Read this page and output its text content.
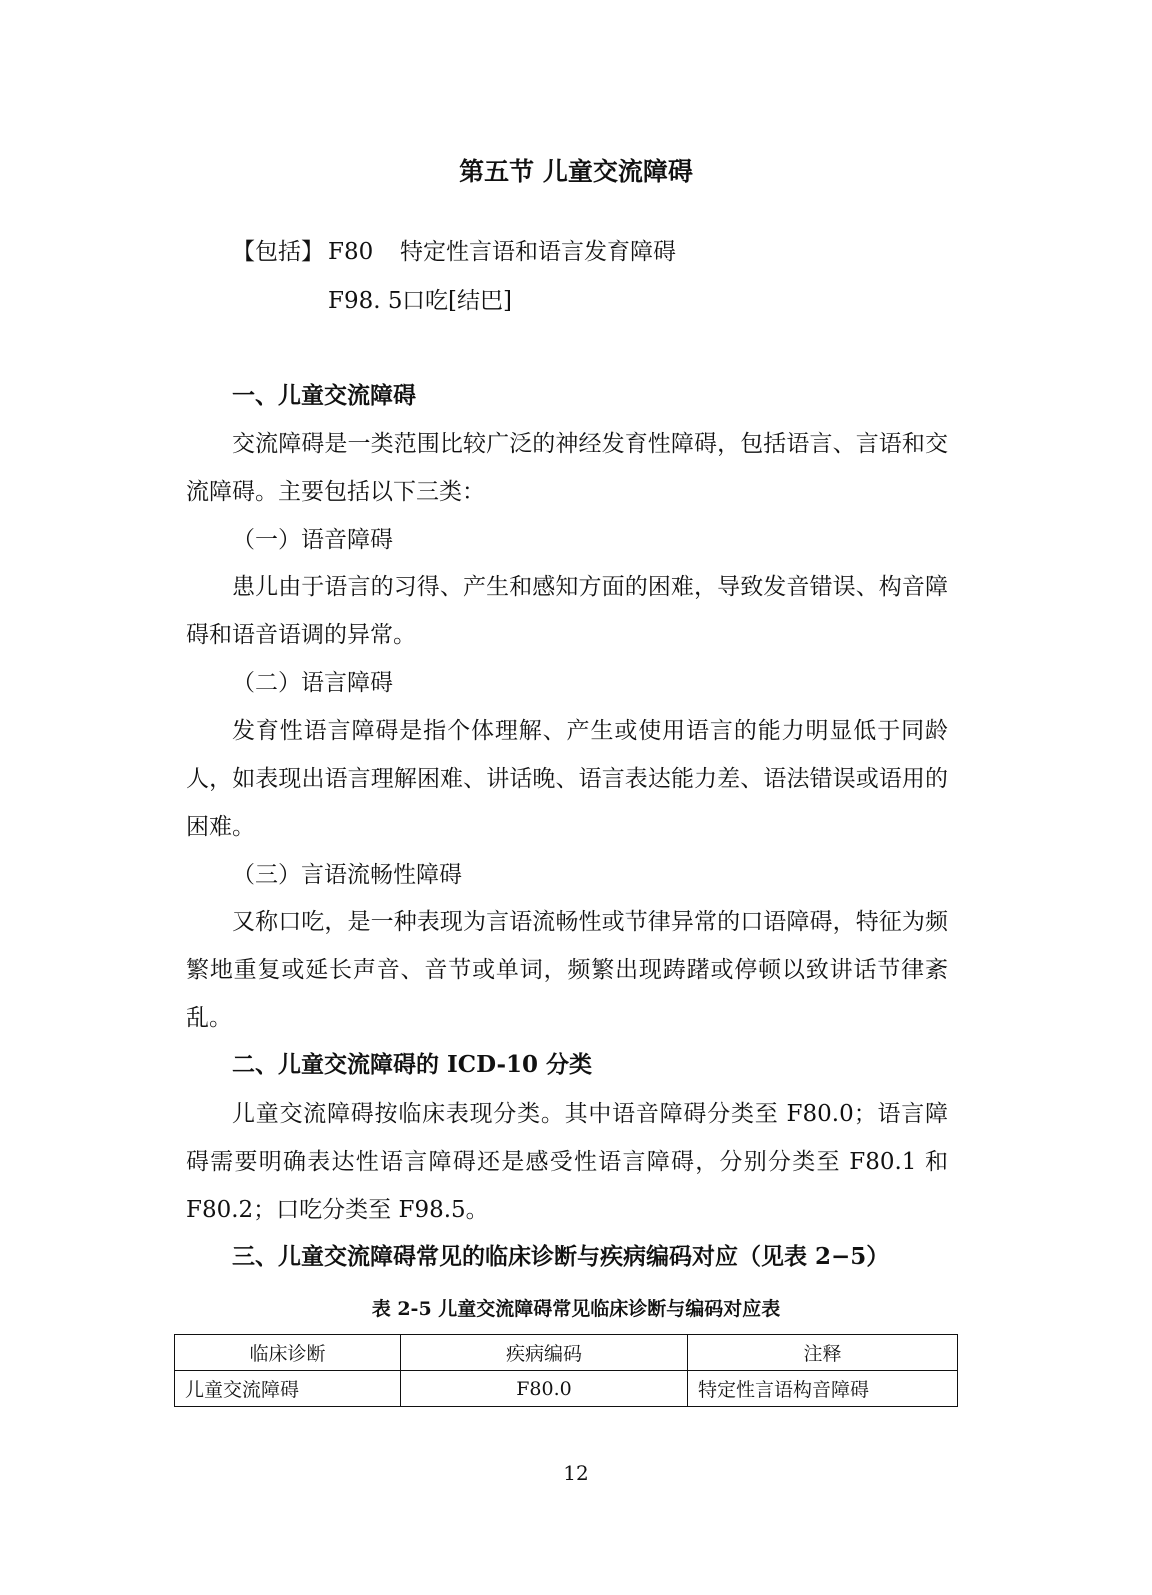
第五节 儿童交流障碍
【包括】 F80 特定性言语和语言发育障碍
F98. 5 口吃[结巴]
一、儿童交流障碍
交流障碍是一类范围比较广泛的神经发育性障碍，包括语言、言语和交流障碍。主要包括以下三类：
（一）语音障碍
患儿由于语言的习得、产生和感知方面的困难，导致发音错误、构音障碍和语音语调的异常。
（二）语言障碍
发育性语言障碍是指个体理解、产生或使用语言的能力明显低于同龄人，如表现出语言理解困难、讲话晚、语言表达能力差、语法错误或语用的困难。
（三）言语流畅性障碍
又称口吃，是一种表现为言语流畅性或节律异常的口语障碍，特征为频繁地重复或延长声音、音节或单词，频繁出现踌躇或停顿以致讲话节律紊乱。
二、儿童交流障碍的 ICD-10 分类
儿童交流障碍按临床表现分类。其中语音障碍分类至 F80.0；语言障碍需要明确表达性语言障碍还是感受性语言障碍，分别分类至 F80.1 和 F80.2；口吃分类至 F98.5。
三、儿童交流障碍常见的临床诊断与疾病编码对应（见表 2−5）
表 2-5 儿童交流障碍常见临床诊断与编码对应表
临床诊断	疾病编码	注释
儿童交流障碍	F80.0	特定性言语构音障碍
12
